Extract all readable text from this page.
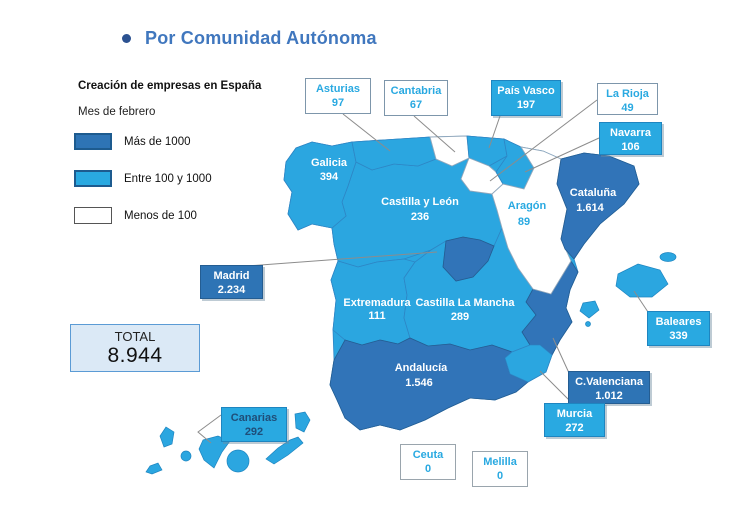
Galicia
394
Castilla y León
236
Aragón
89
Cataluña
1.614
Extremadura
111
Castilla La Mancha
289
Andalucía
1.546
Por Comunidad Autónoma
Creación de empresas en España
Mes de febrero
Más de 1000
Entre 100 y 1000
Menos de 100
TOTAL
8.944
Asturias
97
Cantabria
67
País Vasco
197
La Rioja
49
Navarra
106
Madrid
2.234
Baleares
339
C.Valenciana
1.012
Murcia
272
Canarias
292
Ceuta
0
Melilla
0
